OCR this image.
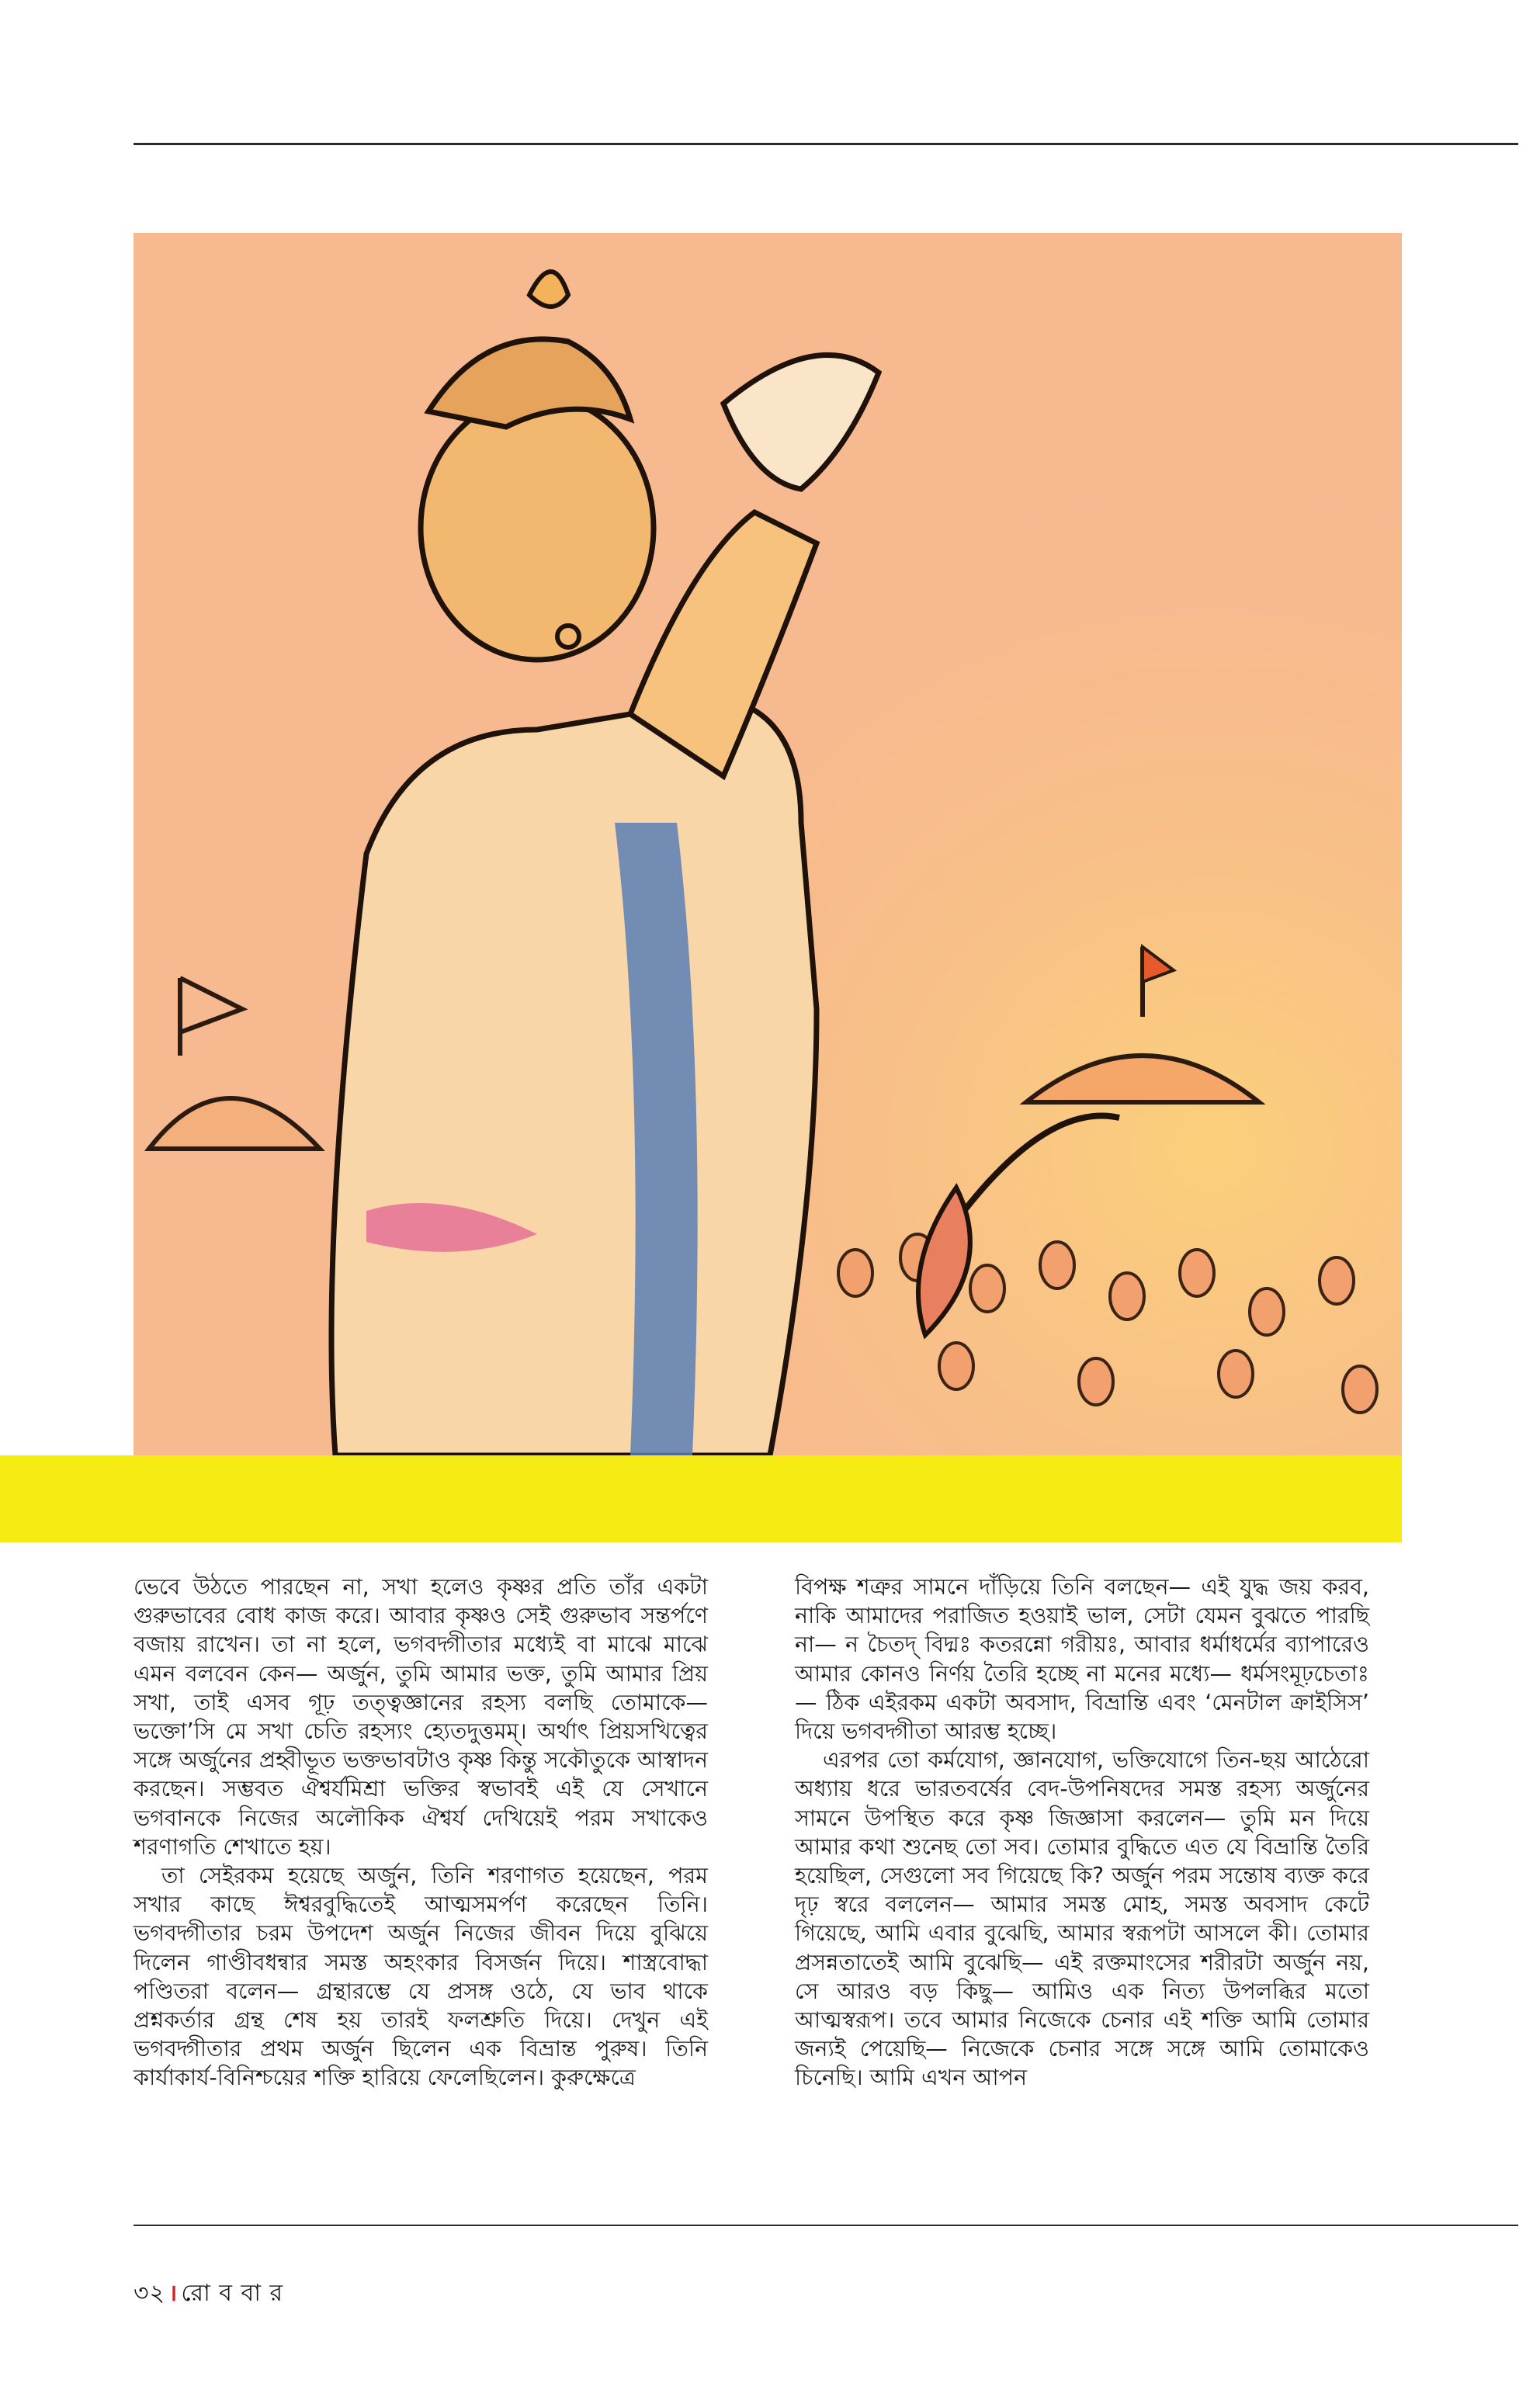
ভেবে উঠতে পারছেন না, সখা হলেও কৃষ্ণর প্রতি তাঁর একটা গুরুভাবের বোধ কাজ করে। আবার কৃষ্ণও সেই গুরুভাব সন্তর্পণে বজায় রাখেন। তা না হলে, ভগবদ্গীতার মধ্যেই বা মাঝে মাঝে এমন বলবেন কেন— অর্জুন, তুমি আমার ভক্ত, তুমি আমার প্রিয় সখা, তাই এসব গূঢ় তত্ত্বজ্ঞানের রহস্য বলছি তোমাকে— ভক্তো’সি মে সখা চেতি রহস্যং হ্যেতদুত্তমম্। অর্থাৎ প্রিয়সখিত্বের সঙ্গে অর্জুনের প্রহ্বীভূত ভক্তভাবটাও কৃষ্ণ কিন্তু সকৌতুকে আস্বাদন করছেন। সম্ভবত ঐশ্বর্যমিশ্রা ভক্তির স্বভাবই এই যে সেখানে ভগবানকে নিজের অলৌকিক ঐশ্বর্য দেখিয়েই পরম সখাকেও শরণাগতি শেখাতে হয়।

তা সেইরকম হয়েছে অর্জুন, তিনি শরণাগত হয়েছেন, পরম সখার কাছে ঈশ্বরবুদ্ধিতেই আত্মসমর্পণ করেছেন তিনি। ভগবদ্গীতার চরম উপদেশ অর্জুন নিজের জীবন দিয়ে বুঝিয়ে দিলেন গাণ্ডীবধন্বার সমস্ত অহংকার বিসর্জন দিয়ে। শাস্ত্রবোদ্ধা পণ্ডিতরা বলেন— গ্রন্থারম্ভে যে প্রসঙ্গ ওঠে, যে ভাব থাকে প্রশ্নকর্তার গ্রন্থ শেষ হয় তারই ফলশ্রুতি দিয়ে। দেখুন এই ভগবদ্গীতার প্রথম অর্জুন ছিলেন এক বিভ্রান্ত পুরুষ। তিনি কার্যাকার্য-বিনিশ্চয়ের শক্তি হারিয়ে ফেলেছিলেন। কুরুক্ষেত্রে

বিপক্ষ শত্রুর সামনে দাঁড়িয়ে তিনি বলছেন— এই যুদ্ধ জয় করব, নাকি আমাদের পরাজিত হওয়াই ভাল, সেটা যেমন বুঝতে পারছি না— ন চৈতদ্ বিদ্মঃ কতরন্নো গরীয়ঃ, আবার ধর্মাধর্মের ব্যাপারেও আমার কোনও নির্ণয় তৈরি হচ্ছে না মনের মধ্যে— ধর্মসংমূঢ়চেতাঃ— ঠিক এইরকম একটা অবসাদ, বিভ্রান্তি এবং ‘মেনটাল ক্রাইসিস’ দিয়ে ভগবদ্গীতা আরম্ভ হচ্ছে।

এরপর তো কর্মযোগ, জ্ঞানযোগ, ভক্তিযোগে তিন-ছয় আঠেরো অধ্যায় ধরে ভারতবর্ষের বেদ-উপনিষদের সমস্ত রহস্য অর্জুনের সামনে উপস্থিত করে কৃষ্ণ জিজ্ঞাসা করলেন— তুমি মন দিয়ে আমার কথা শুনেছ তো সব। তোমার বুদ্ধিতে এত যে বিভ্রান্তি তৈরি হয়েছিল, সেগুলো সব গিয়েছে কি? অর্জুন পরম সন্তোষ ব্যক্ত করে দৃঢ় স্বরে বললেন— আমার সমস্ত মোহ, সমস্ত অবসাদ কেটে গিয়েছে, আমি এবার বুঝেছি, আমার স্বরূপটা আসলে কী। তোমার প্রসন্নতাতেই আমি বুঝেছি— এই রক্তমাংসের শরীরটা অর্জুন নয়, সে আরও বড় কিছু— আমিও এক নিত্য উপলব্ধির মতো আত্মস্বরূপ। তবে আমার নিজেকে চেনার এই শক্তি আমি তোমার জন্যই পেয়েছি— নিজেকে চেনার সঙ্গে সঙ্গে আমি তোমাকেও চিনেছি। আমি এখন আপন

৩২ । রো ব বা র
